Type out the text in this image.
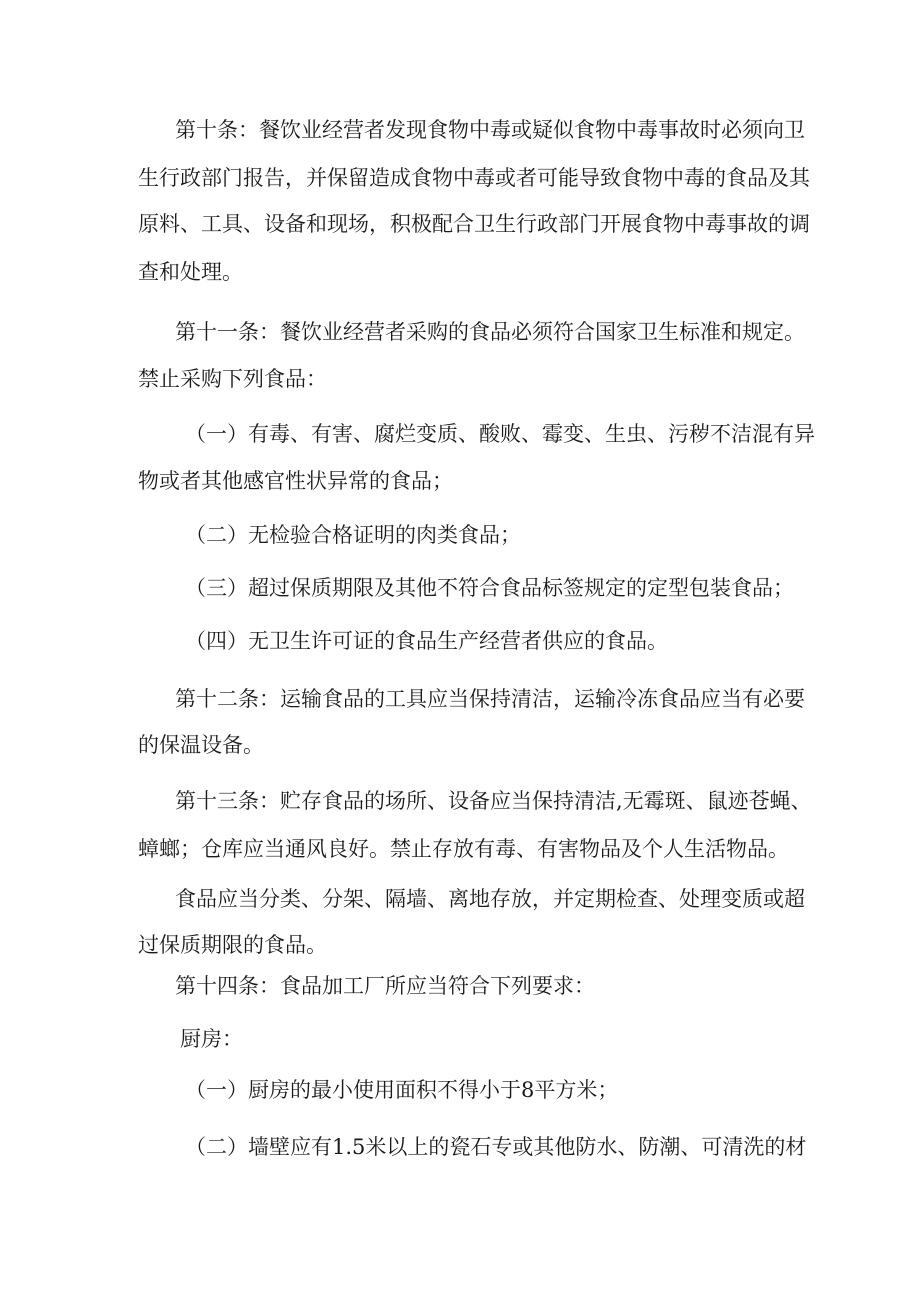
第十条：餐饮业经营者发现食物中毒或疑似食物中毒事故时必须向卫
生行政部门报告，并保留造成食物中毒或者可能导致食物中毒的食品及其
原料、工具、设备和现场，积极配合卫生行政部门开展食物中毒事故的调
查和处理。
第十一条：餐饮业经营者采购的食品必须符合国家卫生标准和规定。
禁止采购下列食品：
（一）有毒、有害、腐烂变质、酸败、霉变、生虫、污秽不洁混有异
物或者其他感官性状异常的食品；
（二）无检验合格证明的肉类食品；
（三）超过保质期限及其他不符合食品标签规定的定型包装食品；
（四）无卫生许可证的食品生产经营者供应的食品。
第十二条：运输食品的工具应当保持清洁，运输冷冻食品应当有必要
的保温设备。
第十三条：贮存食品的场所、设备应当保持清洁,无霉斑、鼠迹苍蝇、
蟑螂；仓库应当通风良好。禁止存放有毒、有害物品及个人生活物品。
食品应当分类、分架、隔墙、离地存放，并定期检查、处理变质或超
过保质期限的食品。
第十四条：食品加工厂所应当符合下列要求：
厨房：
（一）厨房的最小使用面积不得小于8平方米；
（二）墙壁应有1.5米以上的瓷石专或其他防水、防潮、可清洗的材
